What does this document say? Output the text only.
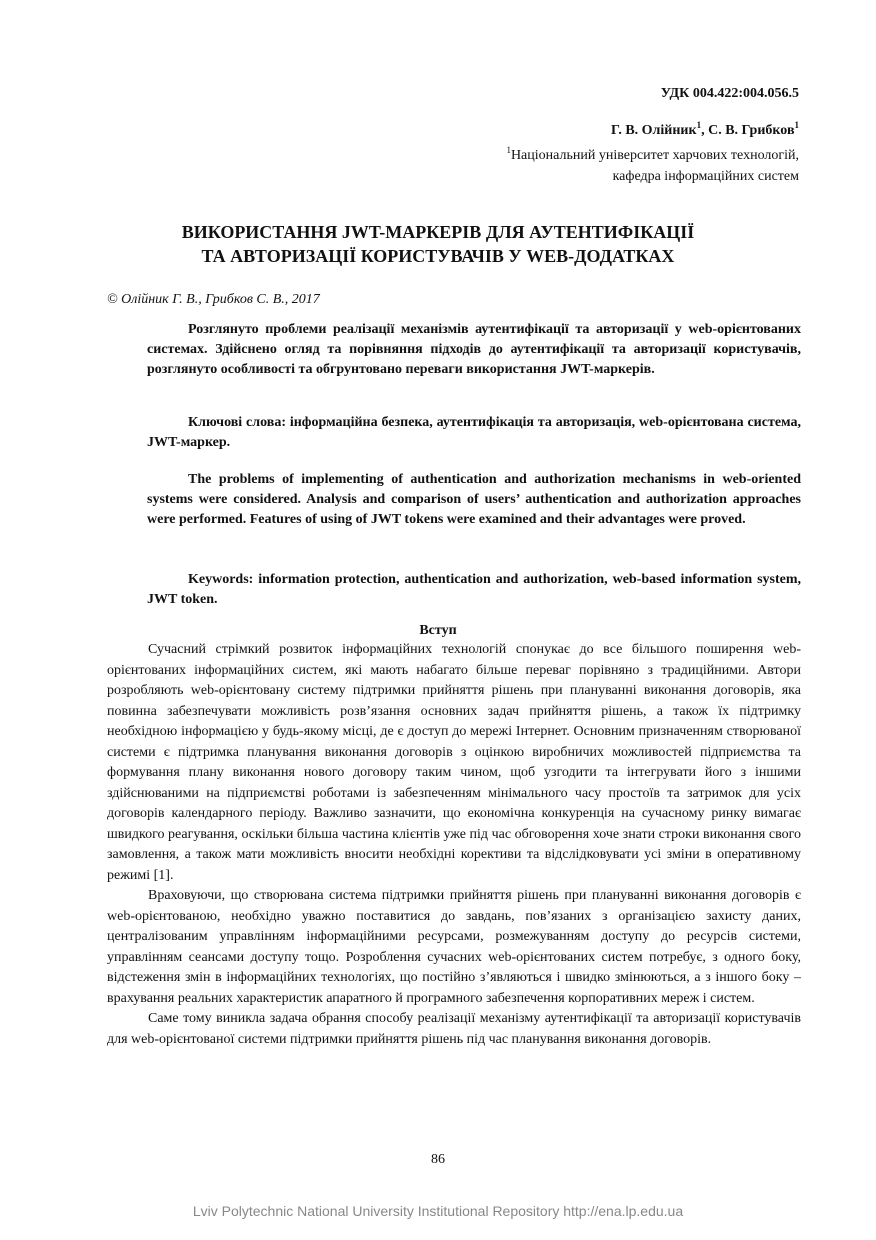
УДК 004.422:004.056.5
Г. В. Олійник$^1$, С. В. Грибков$^1$
$^1$Національний університет харчових технологій,
кафедра інформаційних систем
ВИКОРИСТАННЯ JWT-МАРКЕРІВ ДЛЯ АУТЕНТИФІКАЦІЇ
ТА АВТОРИЗАЦІЇ КОРИСТУВАЧІВ У WEB-ДОДАТКАХ
© Олійник Г. В., Грибков С. В., 2017

Розглянуто проблеми реалізації механізмів аутентифікації та авторизації у web-орієнтованих системах. Здійснено огляд та порівняння підходів до аутентифікації та авторизації користувачів, розглянуто особливості та обгрунтовано переваги використання JWT-маркерів.

Ключові слова: інформаційна безпека, аутентифікація та авторизація, web-орієнтована система, JWT-маркер.

The problems of implementing of authentication and authorization mechanisms in web-oriented systems were considered. Analysis and comparison of users’ authentication and authorization approaches were performed. Features of using of JWT tokens were examined and their advantages were proved.

Keywords: information protection, authentication and authorization, web-based information system, JWT token.

Вступ

Сучасний стрімкий розвиток інформаційних технологій спонукає до все більшого поширення web-орієнтованих інформаційних систем, які мають набагато більше переваг порівняно з традиційними. Автори розробляють web-орієнтовану систему підтримки прийняття рішень при плануванні виконання договорів, яка повинна забезпечувати можливість розв’язання основних задач прийняття рішень, а також їх підтримку необхідною інформацією у будь-якому місці, де є доступ до мережі Інтернет. Основним призначенням створюваної системи є підтримка планування виконання договорів з оцінкою виробничих можливостей підприємства та формування плану виконання нового договору таким чином, щоб узгодити та інтегрувати його з іншими здійснюваними на підприємстві роботами із забезпеченням мінімального часу простоїв та затримок для усіх договорів календарного періоду. Важливо зазначити, що економічна конкуренція на сучасному ринку вимагає швидкого реагування, оскільки більша частина клієнтів уже під час обговорення хоче знати строки виконання свого замовлення, а також мати можливість вносити необхідні корективи та відслідковувати усі зміни в оперативному режимі [1].

Враховуючи, що створювана система підтримки прийняття рішень при плануванні виконання договорів є web-орієнтованою, необхідно уважно поставитися до завдань, пов’язаних з організацією захисту даних, централізованим управлінням інформаційними ресурсами, розмежуванням доступу до ресурсів системи, управлінням сеансами доступу тощо. Розроблення сучасних web-орієнтованих систем потребує, з одного боку, відстеження змін в інформаційних технологіях, що постійно з’являються і швидко змінюються, а з іншого боку – врахування реальних характеристик апаратного й програмного забезпечення корпоративних мереж і систем.

Саме тому виникла задача обрання способу реалізації механізму аутентифікації та авторизації користувачів для web-орієнтованої системи підтримки прийняття рішень під час планування виконання договорів.

86
Lviv Polytechnic National University Institutional Repository http://ena.lp.edu.ua
